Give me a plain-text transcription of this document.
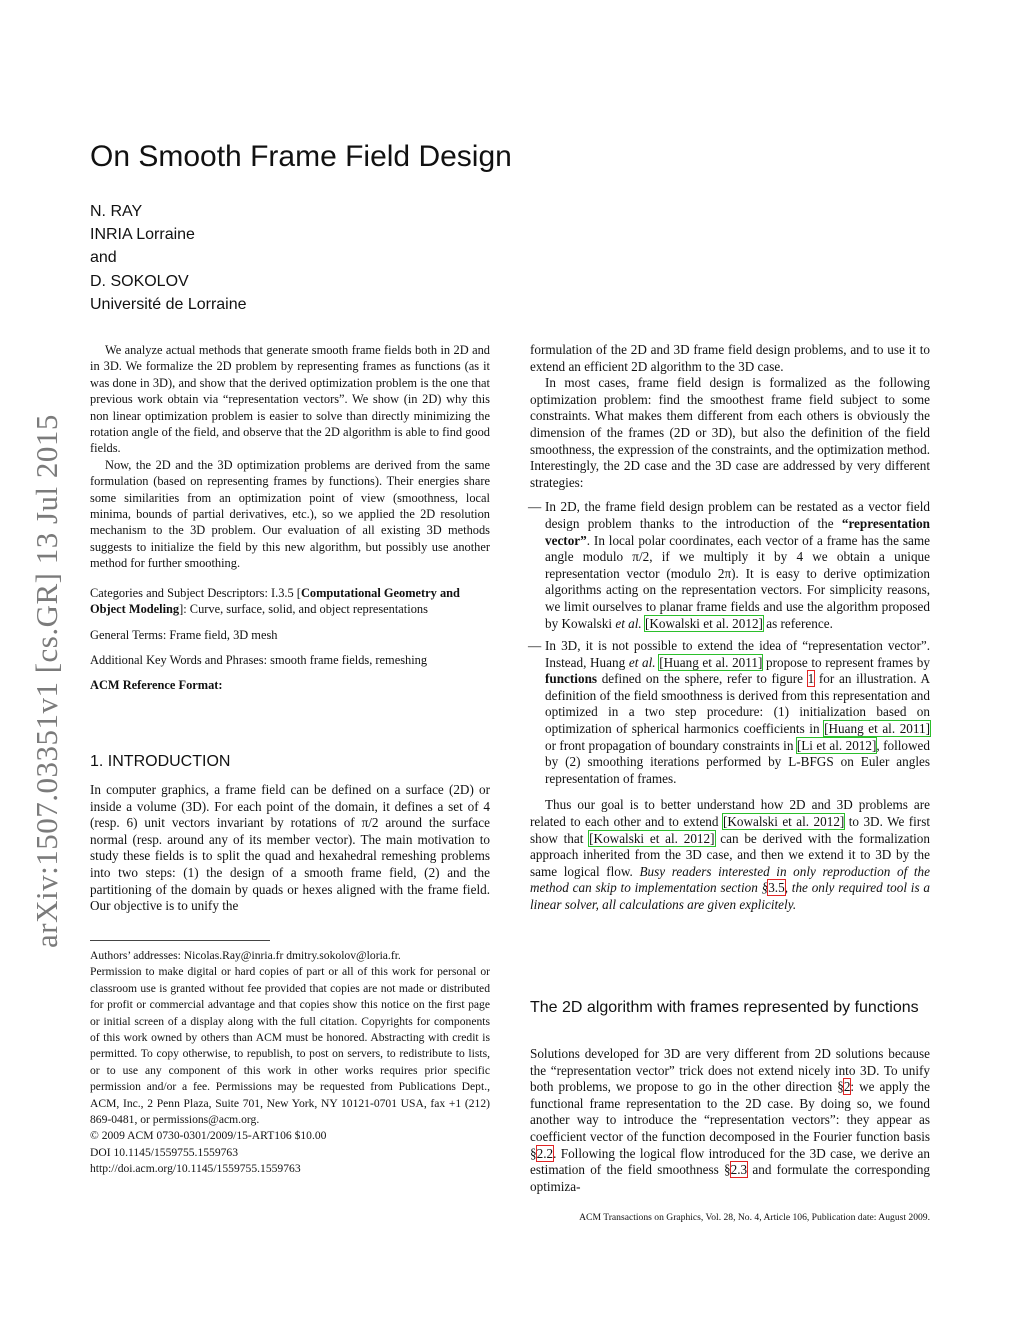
arXiv:1507.03351v1 [cs.GR] 13 Jul 2015
On Smooth Frame Field Design
N. RAY
INRIA Lorraine
and
D. SOKOLOV
Université de Lorraine

We analyze actual methods that generate smooth frame fields both in 2D and in 3D. We formalize the 2D problem by representing frames as functions (as it was done in 3D), and show that the derived optimization problem is the one that previous work obtain via “representation vectors”. We show (in 2D) why this non linear optimization problem is easier to solve than directly minimizing the rotation angle of the field, and observe that the 2D algorithm is able to find good fields.

Now, the 2D and the 3D optimization problems are derived from the same formulation (based on representing frames by functions). Their energies share some similarities from an optimization point of view (smoothness, local minima, bounds of partial derivatives, etc.), so we applied the 2D resolution mechanism to the 3D problem. Our evaluation of all existing 3D methods suggests to initialize the field by this new algorithm, but possibly use another method for further smoothing.

Categories and Subject Descriptors: I.3.5 [Computational Geometry and Object Modeling]: Curve, surface, solid, and object representations
General Terms: Frame field, 3D mesh
Additional Key Words and Phrases: smooth frame fields, remeshing
ACM Reference Format:
1. INTRODUCTION
In computer graphics, a frame field can be defined on a surface (2D) or inside a volume (3D). For each point of the domain, it defines a set of 4 (resp. 6) unit vectors invariant by rotations of π/2 around the surface normal (resp. around any of its member vector). The main motivation to study these fields is to split the quad and hexahedral remeshing problems into two steps: (1) the design of a smooth frame field, (2) and the partitioning of the domain by quads or hexes aligned with the frame field. Our objective is to unify the

Authors’ addresses: Nicolas.Ray@inria.fr dmitry.sokolov@loria.fr.

Permission to make digital or hard copies of part or all of this work for personal or classroom use is granted without fee provided that copies are not made or distributed for profit or commercial advantage and that copies show this notice on the first page or initial screen of a display along with the full citation. Copyrights for components of this work owned by others than ACM must be honored. Abstracting with credit is permitted. To copy otherwise, to republish, to post on servers, to redistribute to lists, or to use any component of this work in other works requires prior specific permission and/or a fee. Permissions may be requested from Publications Dept., ACM, Inc., 2 Penn Plaza, Suite 701, New York, NY 10121-0701 USA, fax +1 (212) 869-0481, or permissions@acm.org.

© 2009 ACM 0730-0301/2009/15-ART106 $10.00

DOI 10.1145/1559755.1559763

http://doi.acm.org/10.1145/1559755.1559763

formulation of the 2D and 3D frame field design problems, and to use it to extend an efficient 2D algorithm to the 3D case.

In most cases, frame field design is formalized as the following optimization problem: find the smoothest frame field subject to some constraints. What makes them different from each others is obviously the dimension of the frames (2D or 3D), but also the definition of the field smoothness, the expression of the constraints, and the optimization method. Interestingly, the 2D case and the 3D case are addressed by very different strategies:

— In 2D, the frame field design problem can be restated as a vector field design problem thanks to the introduction of the “representation vector”. In local polar coordinates, each vector of a frame has the same angle modulo π/2, if we multiply it by 4 we obtain a unique representation vector (modulo 2π). It is easy to derive optimization algorithms acting on the representation vectors. For simplicity reasons, we limit ourselves to planar frame fields and use the algorithm proposed by Kowalski et al. [Kowalski et al. 2012] as reference.
— In 3D, it is not possible to extend the idea of “representation vector”. Instead, Huang et al. [Huang et al. 2011] propose to represent frames by functions defined on the sphere, refer to figure 1 for an illustration. A definition of the field smoothness is derived from this representation and optimized in a two step procedure: (1) initialization based on optimization of spherical harmonics coefficients in [Huang et al. 2011] or front propagation of boundary constraints in [Li et al. 2012], followed by (2) smoothing iterations performed by L-BFGS on Euler angles representation of frames.

Thus our goal is to better understand how 2D and 3D problems are related to each other and to extend [Kowalski et al. 2012] to 3D. We first show that [Kowalski et al. 2012] can be derived with the formalization approach inherited from the 3D case, and then we extend it to 3D by the same logical flow. Busy readers interested in only reproduction of the method can skip to implementation section §3.5, the only required tool is a linear solver, all calculations are given explicitely.

The 2D algorithm with frames represented by functions
Solutions developed for 3D are very different from 2D solutions because the “representation vector” trick does not extend nicely into 3D. To unify both problems, we propose to go in the other direction §2: we apply the functional frame representation to the 2D case. By doing so, we found another way to introduce the “representation vectors”: they appear as coefficient vector of the function decomposed in the Fourier function basis §2.2. Following the logical flow introduced for the 3D case, we derive an estimation of the field smoothness §2.3 and formulate the corresponding optimiza-
ACM Transactions on Graphics, Vol. 28, No. 4, Article 106, Publication date: August 2009.
